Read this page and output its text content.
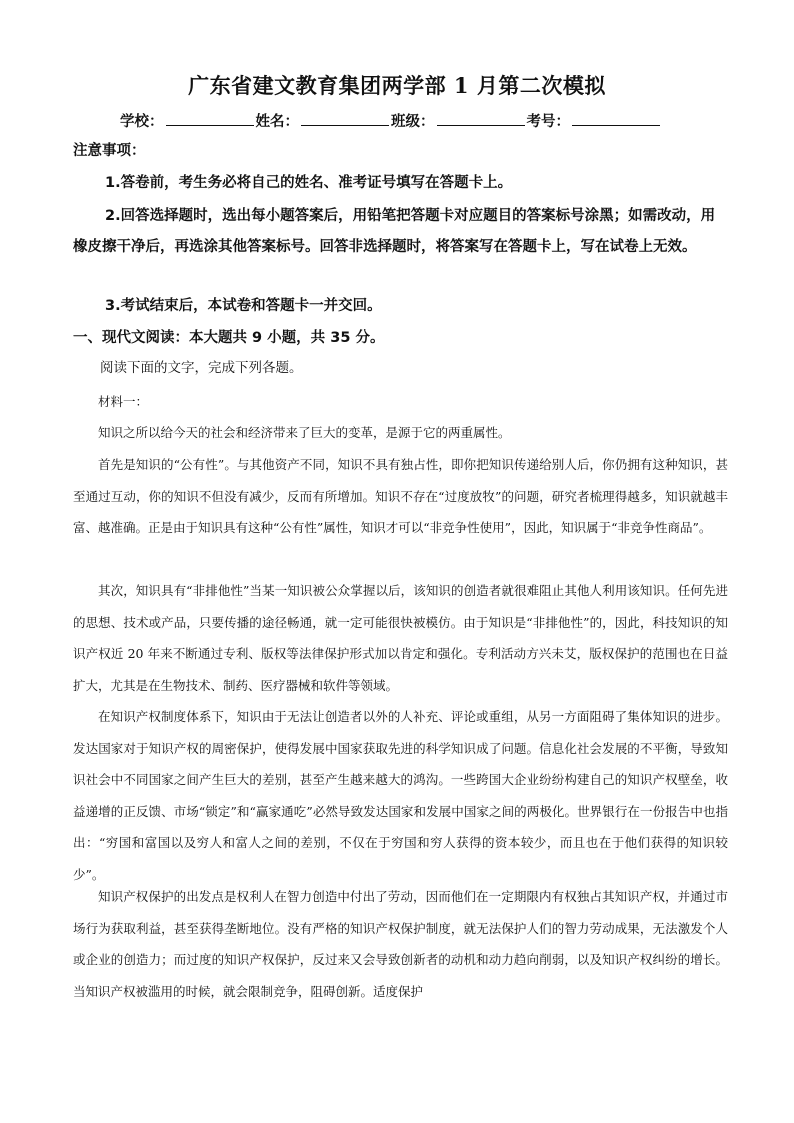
广东省建文教育集团两学部 1 月第二次模拟
学校：	姓名：	班级：	考号：
注意事项：
1.答卷前，考生务必将自己的姓名、准考证号填写在答题卡上。
2.回答选择题时，选出每小题答案后，用铅笔把答题卡对应题目的答案标号涂黑；如需改动，用橡皮擦干净后，再选涂其他答案标号。回答非选择题时，将答案写在答题卡上，写在试卷上无效。
3.考试结束后，本试卷和答题卡一并交回。
一、现代文阅读：本大题共 9 小题，共 35 分。
阅读下面的文字，完成下列各题。
材料一：
知识之所以给今天的社会和经济带来了巨大的变革，是源于它的两重属性。
首先是知识的“公有性”。与其他资产不同，知识不具有独占性，即你把知识传递给别人后，你仍拥有这种知识，甚至通过互动，你的知识不但没有减少，反而有所增加。知识不存在“过度放牧”的问题，研究者梳理得越多，知识就越丰富、越准确。正是由于知识具有这种“公有性”属性，知识才可以“非竞争性使用”，因此，知识属于“非竞争性商品”。
其次，知识具有“非排他性”当某一知识被公众掌握以后，该知识的创造者就很难阻止其他人利用该知识。任何先进的思想、技术或产品，只要传播的途径畅通，就一定可能很快被模仿。由于知识是“非排他性”的，因此，科技知识的知识产权近 20 年来不断通过专利、版权等法律保护形式加以肯定和强化。专利活动方兴未艾，版权保护的范围也在日益扩大，尤其是在生物技术、制药、医疗器械和软件等领域。
在知识产权制度体系下，知识由于无法让创造者以外的人补充、评论或重组，从另一方面阻碍了集体知识的进步。发达国家对于知识产权的周密保护，使得发展中国家获取先进的科学知识成了问题。信息化社会发展的不平衡，导致知识社会中不同国家之间产生巨大的差别，甚至产生越来越大的鸿沟。一些跨国大企业纷纷构建自己的知识产权壁垒，收益递增的正反馈、市场“锁定”和“赢家通吃”必然导致发达国家和发展中国家之间的两极化。世界银行在一份报告中也指出：“穷国和富国以及穷人和富人之间的差别，不仅在于穷国和穷人获得的资本较少，而且也在于他们获得的知识较少”。
知识产权保护的出发点是权利人在智力创造中付出了劳动，因而他们在一定期限内有权独占其知识产权，并通过市场行为获取利益，甚至获得垄断地位。没有严格的知识产权保护制度，就无法保护人们的智力劳动成果，无法激发个人或企业的创造力；而过度的知识产权保护，反过来又会导致创新者的动机和动力趋向削弱，以及知识产权纠纷的增长。当知识产权被滥用的时候，就会限制竞争，阻碍创新。适度保护
